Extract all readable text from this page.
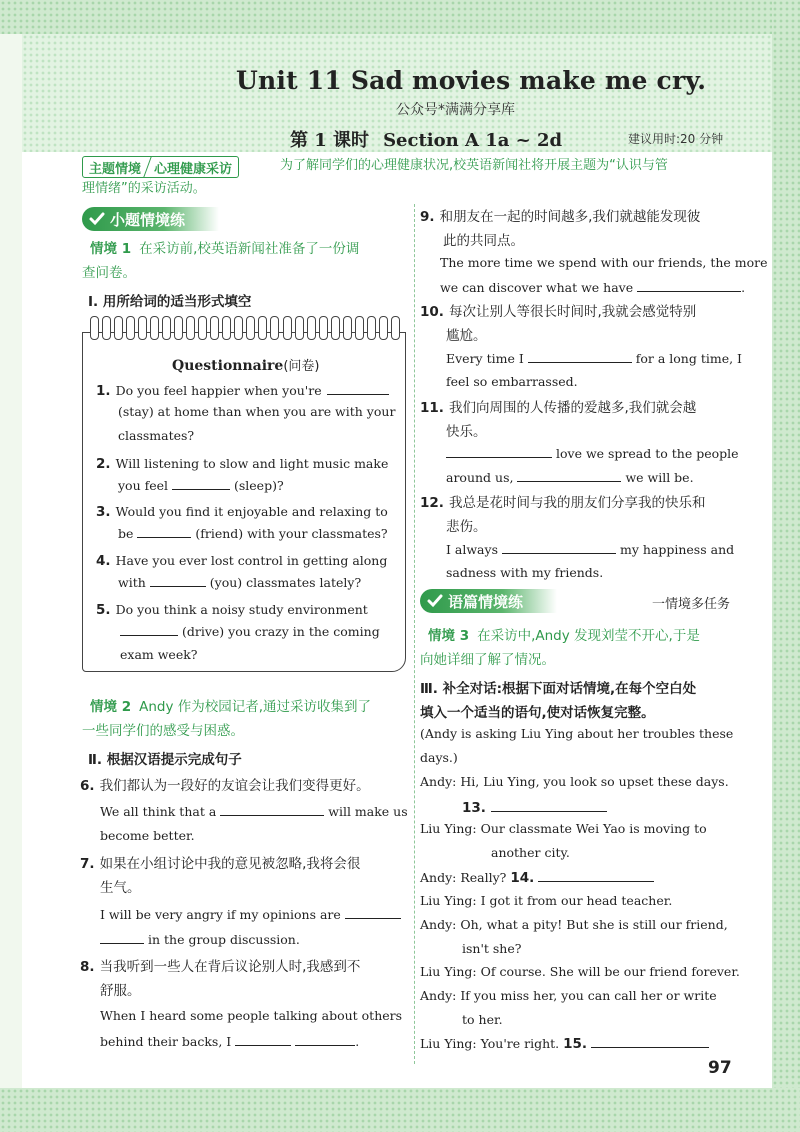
Unit 11 Sad movies make me cry.
公众号*满满分享库
第 1 课时 Section A 1a ~ 2d	建议用时:20 分钟
主题情境	心理健康采访	为了解同学们的心理健康状况,校英语新闻社将开展主题为“认识与管
理情绪”的采访活动。
小题情境练
情境 1 在采访前,校英语新闻社准备了一份调
查问卷。
Ⅰ. 用所给词的适当形式填空
Questionnaire(问卷)
1. Do you feel happier when you're
(stay) at home than when you are with your
classmates?
2. Will listening to slow and light music make
you feel	(sleep)?
3. Would you find it enjoyable and relaxing to
be	(friend) with your classmates?
4. Have you ever lost control in getting along
with	(you) classmates lately?
5. Do you think a noisy study environment
(drive) you crazy in the coming
exam week?
情境 2 Andy 作为校园记者,通过采访收集到了
一些同学们的感受与困惑。
Ⅱ. 根据汉语提示完成句子
6. 我们都认为一段好的友谊会让我们变得更好。
We all think that a	will make us
become better.
7. 如果在小组讨论中我的意见被忽略,我将会很
生气。
I will be very angry if my opinions are
in the group discussion.
8. 当我听到一些人在背后议论别人时,我感到不
舒服。
When I heard some people talking about others
behind their backs, I	.
9. 和朋友在一起的时间越多,我们就越能发现彼
此的共同点。
The more time we spend with our friends, the more
we can discover what we have	.
10. 每次让别人等很长时间时,我就会感觉特别
尴尬。
Every time I	for a long time, I
feel so embarrassed.
11. 我们向周围的人传播的爱越多,我们就会越
快乐。
love we spread to the people
around us,	we will be.
12. 我总是花时间与我的朋友们分享我的快乐和
悲伤。
I always	my happiness and
sadness with my friends.
语篇情境练	一情境多任务
情境 3 在采访中,Andy 发现刘莹不开心,于是
向她详细了解了情况。
Ⅲ. 补全对话:根据下面对话情境,在每个空白处
填入一个适当的语句,使对话恢复完整。
(Andy is asking Liu Ying about her troubles these
days.)
Andy: Hi, Liu Ying, you look so upset these days.
13.
Liu Ying: Our classmate Wei Yao is moving to
another city.
Andy: Really? 14.
Liu Ying: I got it from our head teacher.
Andy: Oh, what a pity! But she is still our friend,
isn't she?
Liu Ying: Of course. She will be our friend forever.
Andy: If you miss her, you can call her or write
to her.
Liu Ying: You're right. 15.
97
